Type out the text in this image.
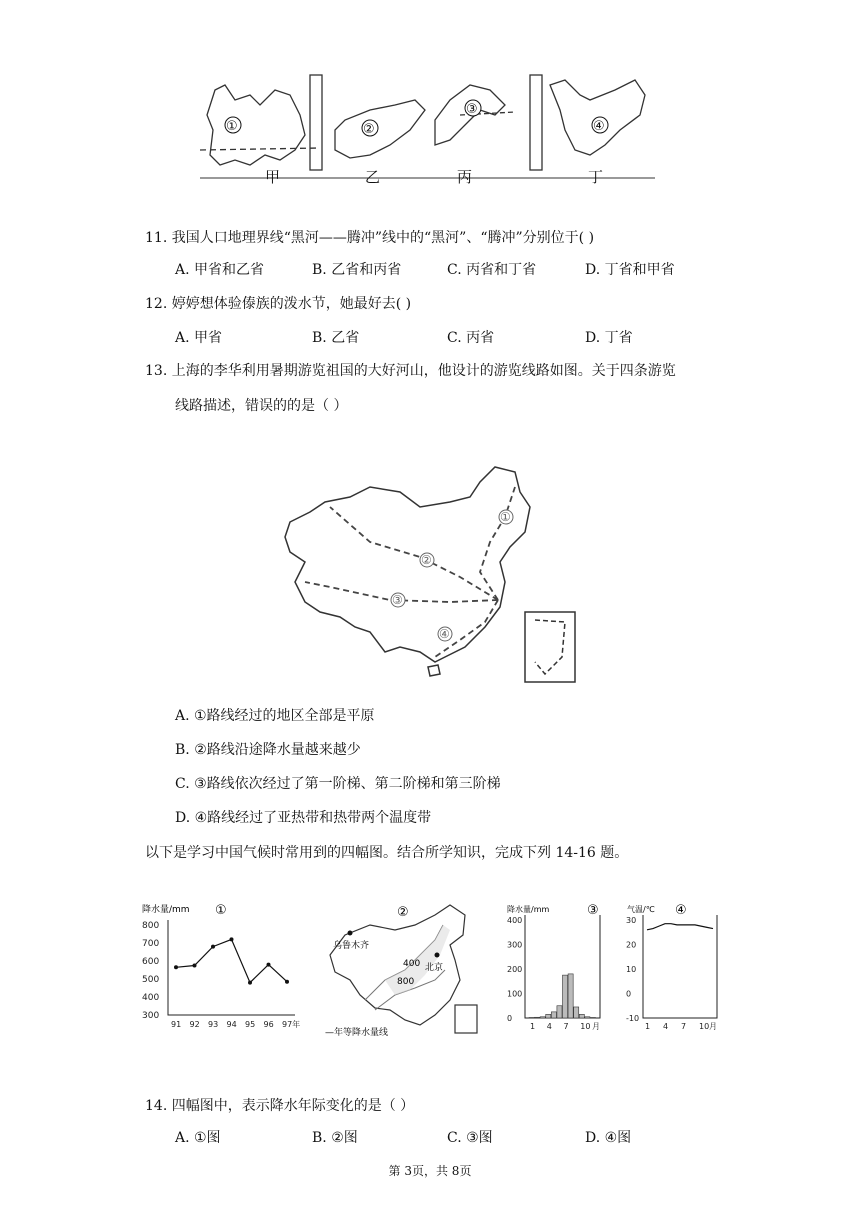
①	②
③
④
甲	乙	丙	丁
11. 我国人口地理界线“黑河——腾冲”线中的“黑河”、“腾冲”分别位于( )
A. 甲省和乙省	B. 乙省和丙省	C. 丙省和丁省	D. 丁省和甲省
12. 婷婷想体验傣族的泼水节，她最好去( )
A. 甲省	B. 乙省	C. 丙省	D. 丁省
13. 上海的李华利用暑期游览祖国的大好河山，他设计的游览线路如图。关于四条游览
线路描述，错误的的是（ ）
①
②
③
④
A. ①路线经过的地区全部是平原
B. ②路线沿途降水量越来越少
C. ③路线依次经过了第一阶梯、第二阶梯和第三阶梯
D. ④路线经过了亚热带和热带两个温度带
以下是学习中国气候时常用到的四幅图。结合所学知识，完成下列 14-16 题。
降水量/mm ①
800
700
600
500
400
300
91 92 93 94 95 96 97年
②
乌鲁木齐
北京
400
800
—年等降水量线
降水量/mm	③
400
300
200
100
0
1 4 7 10 月
气温/℃ ④
30
20
10
0
-10
1 4 7 10 月
14. 四幅图中，表示降水年际变化的是（ ）
A. ①图	B. ②图	C. ③图	D. ④图
第 3页，共 8页
